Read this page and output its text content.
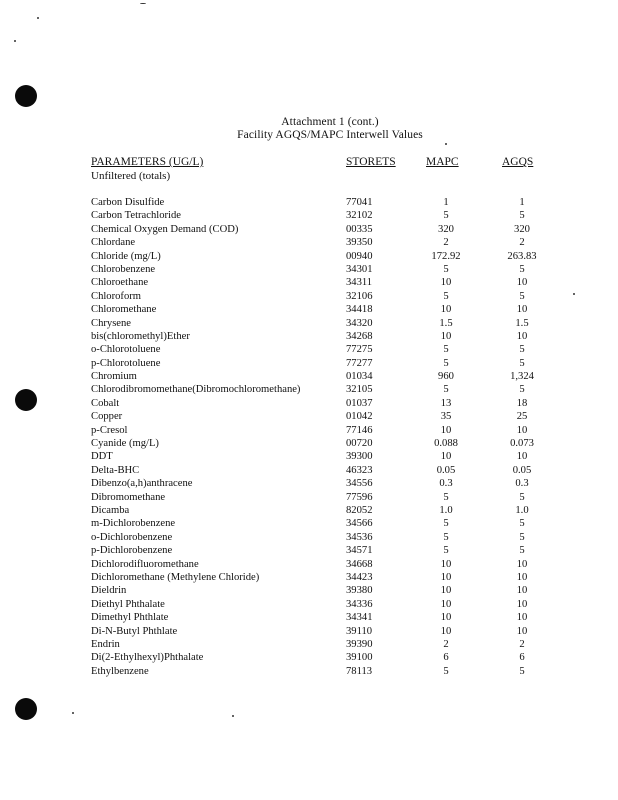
Attachment 1 (cont.)
Facility AGQS/MAPC Interwell Values
PARAMETERS (UG/L)	STORETS	MAPC	AGQS
Unfiltered (totals)
Carbon Disulfide	77041	1	1
Carbon Tetrachloride	32102	5	5
Chemical Oxygen Demand (COD)	00335	320	320
Chlordane	39350	2	2
Chloride (mg/L)	00940	172.92	263.83
Chlorobenzene	34301	5	5
Chloroethane	34311	10	10
Chloroform	32106	5	5
Chloromethane	34418	10	10
Chrysene	34320	1.5	1.5
bis(chloromethyl)Ether	34268	10	10
o-Chlorotoluene	77275	5	5
p-Chlorotoluene	77277	5	5
Chromium	01034	960	1,324
Chlorodibromomethane(Dibromochloromethane)	32105	5	5
Cobalt	01037	13	18
Copper	01042	35	25
p-Cresol	77146	10	10
Cyanide (mg/L)	00720	0.088	0.073
DDT	39300	10	10
Delta-BHC	46323	0.05	0.05
Dibenzo(a,h)anthracene	34556	0.3	0.3
Dibromomethane	77596	5	5
Dicamba	82052	1.0	1.0
m-Dichlorobenzene	34566	5	5
o-Dichlorobenzene	34536	5	5
p-Dichlorobenzene	34571	5	5
Dichlorodifluoromethane	34668	10	10
Dichloromethane (Methylene Chloride)	34423	10	10
Dieldrin	39380	10	10
Diethyl Phthalate	34336	10	10
Dimethyl Phthlate	34341	10	10
Di-N-Butyl Phthlate	39110	10	10
Endrin	39390	2	2
Di(2-Ethylhexyl)Phthalate	39100	6	6
Ethylbenzene	78113	5	5
